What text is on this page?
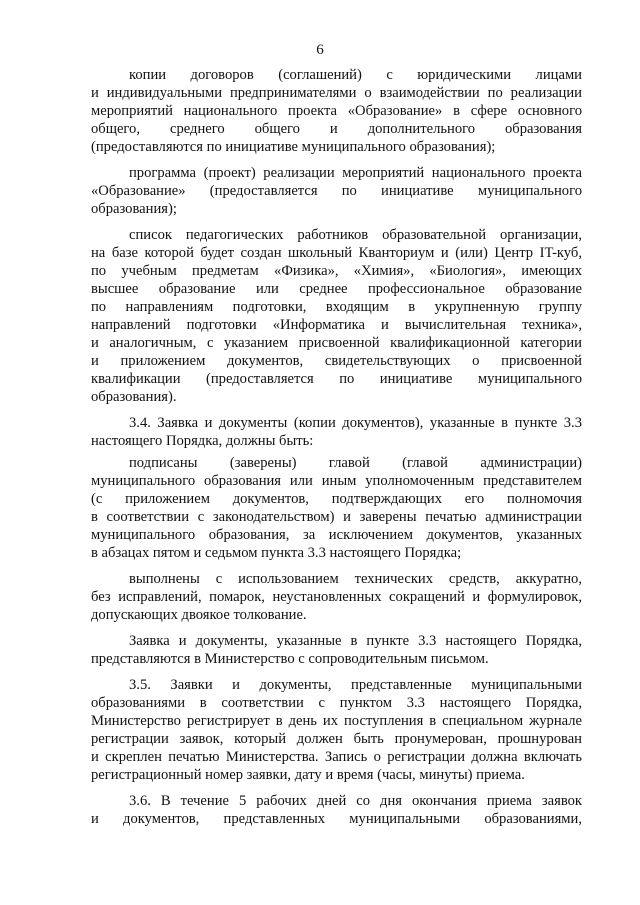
6
копии договоров (соглашений) с юридическими лицами
и индивидуальными предпринимателями о взаимодействии по реализации
мероприятий национального проекта «Образование» в сфере основного
общего, среднего общего и дополнительного образования
(предоставляются по инициативе муниципального образования);
программа (проект) реализации мероприятий национального проекта
«Образование» (предоставляется по инициативе муниципального
образования);
список педагогических работников образовательной организации,
на базе которой будет создан школьный Кванториум и (или) Центр IT-куб,
по учебным предметам «Физика», «Химия», «Биология», имеющих
высшее образование или среднее профессиональное образование
по направлениям подготовки, входящим в укрупненную группу
направлений подготовки «Информатика и вычислительная техника»,
и аналогичным, с указанием присвоенной квалификационной категории
и приложением документов, свидетельствующих о присвоенной
квалификации (предоставляется по инициативе муниципального
образования).
3.4. Заявка и документы (копии документов), указанные в пункте 3.3
настоящего Порядка, должны быть:
подписаны (заверены) главой (главой администрации)
муниципального образования или иным уполномоченным представителем
(с приложением документов, подтверждающих его полномочия
в соответствии с законодательством) и заверены печатью администрации
муниципального образования, за исключением документов, указанных
в абзацах пятом и седьмом пункта 3.3 настоящего Порядка;
выполнены с использованием технических средств, аккуратно,
без исправлений, помарок, неустановленных сокращений и формулировок,
допускающих двоякое толкование.
Заявка и документы, указанные в пункте 3.3 настоящего Порядка,
представляются в Министерство с сопроводительным письмом.
3.5. Заявки и документы, представленные муниципальными
образованиями в соответствии с пунктом 3.3 настоящего Порядка,
Министерство регистрирует в день их поступления в специальном журнале
регистрации заявок, который должен быть пронумерован, прошнурован
и скреплен печатью Министерства. Запись о регистрации должна включать
регистрационный номер заявки, дату и время (часы, минуты) приема.
3.6. В течение 5 рабочих дней со дня окончания приема заявок
и документов, представленных муниципальными образованиями,
